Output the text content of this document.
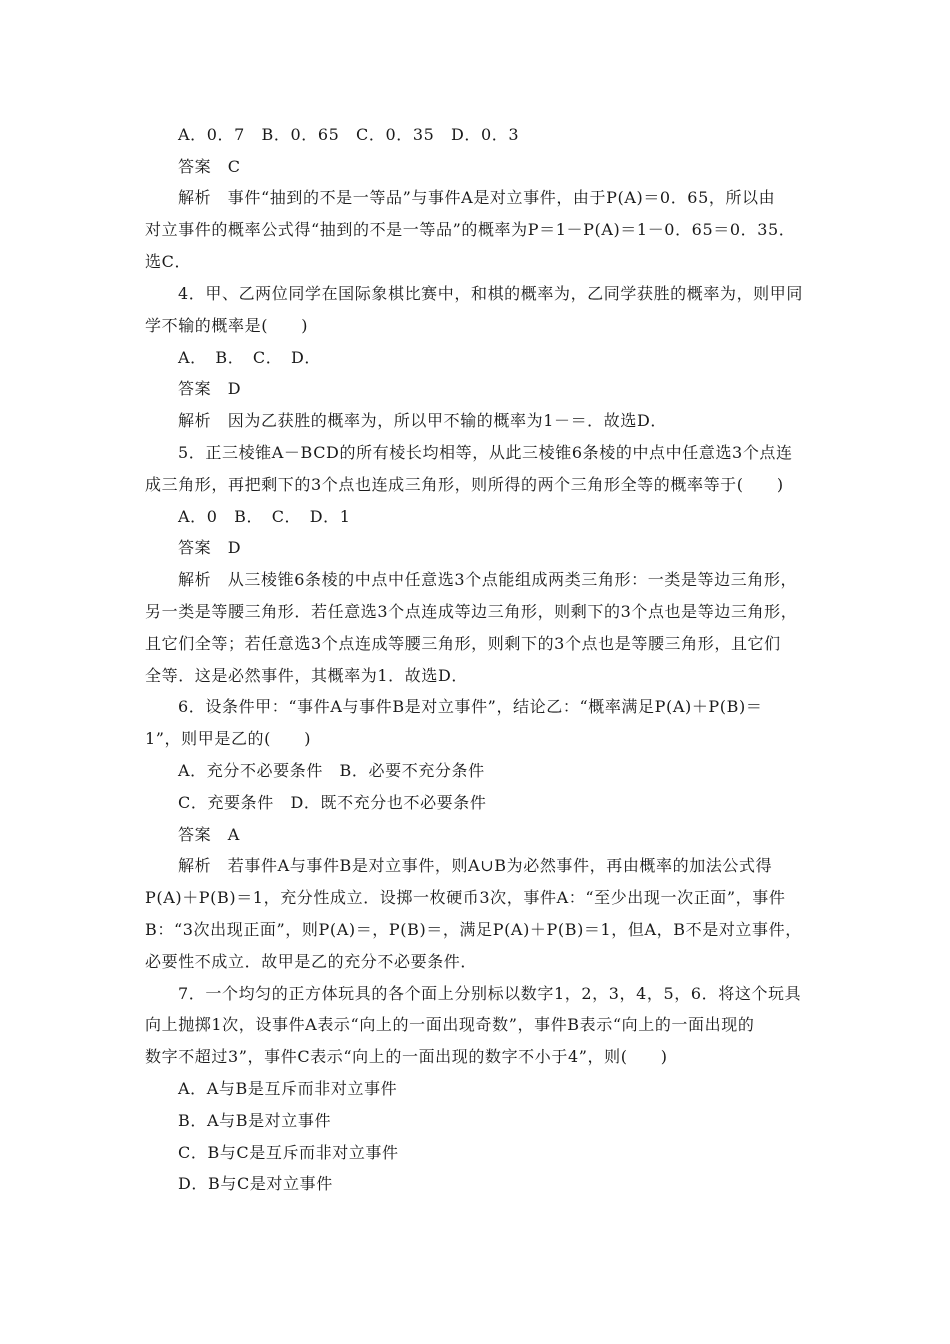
A．0．7　B．0．65　C．0．35　D．0．3
答案　C
解析　事件“抽到的不是一等品”与事件A是对立事件，由于P(A)＝0．65，所以由
对立事件的概率公式得“抽到的不是一等品”的概率为P＝1－P(A)＝1－0．65＝0．35．
选C．
4．甲、乙两位同学在国际象棋比赛中，和棋的概率为，乙同学获胜的概率为，则甲同
学不输的概率是(　　)
A．　B．　C．　D．
答案　D
解析　因为乙获胜的概率为，所以甲不输的概率为1－＝．故选D．
5．正三棱锥A－BCD的所有棱长均相等，从此三棱锥6条棱的中点中任意选3个点连
成三角形，再把剩下的3个点也连成三角形，则所得的两个三角形全等的概率等于(　　)
A．0　B．　C．　D．1
答案　D
解析　从三棱锥6条棱的中点中任意选3个点能组成两类三角形：一类是等边三角形，
另一类是等腰三角形．若任意选3个点连成等边三角形，则剩下的3个点也是等边三角形，
且它们全等；若任意选3个点连成等腰三角形，则剩下的3个点也是等腰三角形，且它们
全等．这是必然事件，其概率为1．故选D．
6．设条件甲：“事件A与事件B是对立事件”，结论乙：“概率满足P(A)＋P(B)＝
1”，则甲是乙的(　　)
A．充分不必要条件　B．必要不充分条件
C．充要条件　D．既不充分也不必要条件
答案　A
解析　若事件A与事件B是对立事件，则A∪B为必然事件，再由概率的加法公式得
P(A)＋P(B)＝1，充分性成立．设掷一枚硬币3次，事件A：“至少出现一次正面”，事件
B：“3次出现正面”，则P(A)＝，P(B)＝，满足P(A)＋P(B)＝1，但A，B不是对立事件，
必要性不成立．故甲是乙的充分不必要条件．
7．一个均匀的正方体玩具的各个面上分别标以数字1，2，3，4，5，6．将这个玩具
向上抛掷1次，设事件A表示“向上的一面出现奇数”，事件B表示“向上的一面出现的
数字不超过3”，事件C表示“向上的一面出现的数字不小于4”，则(　　)
A．A与B是互斥而非对立事件
B．A与B是对立事件
C．B与C是互斥而非对立事件
D．B与C是对立事件
